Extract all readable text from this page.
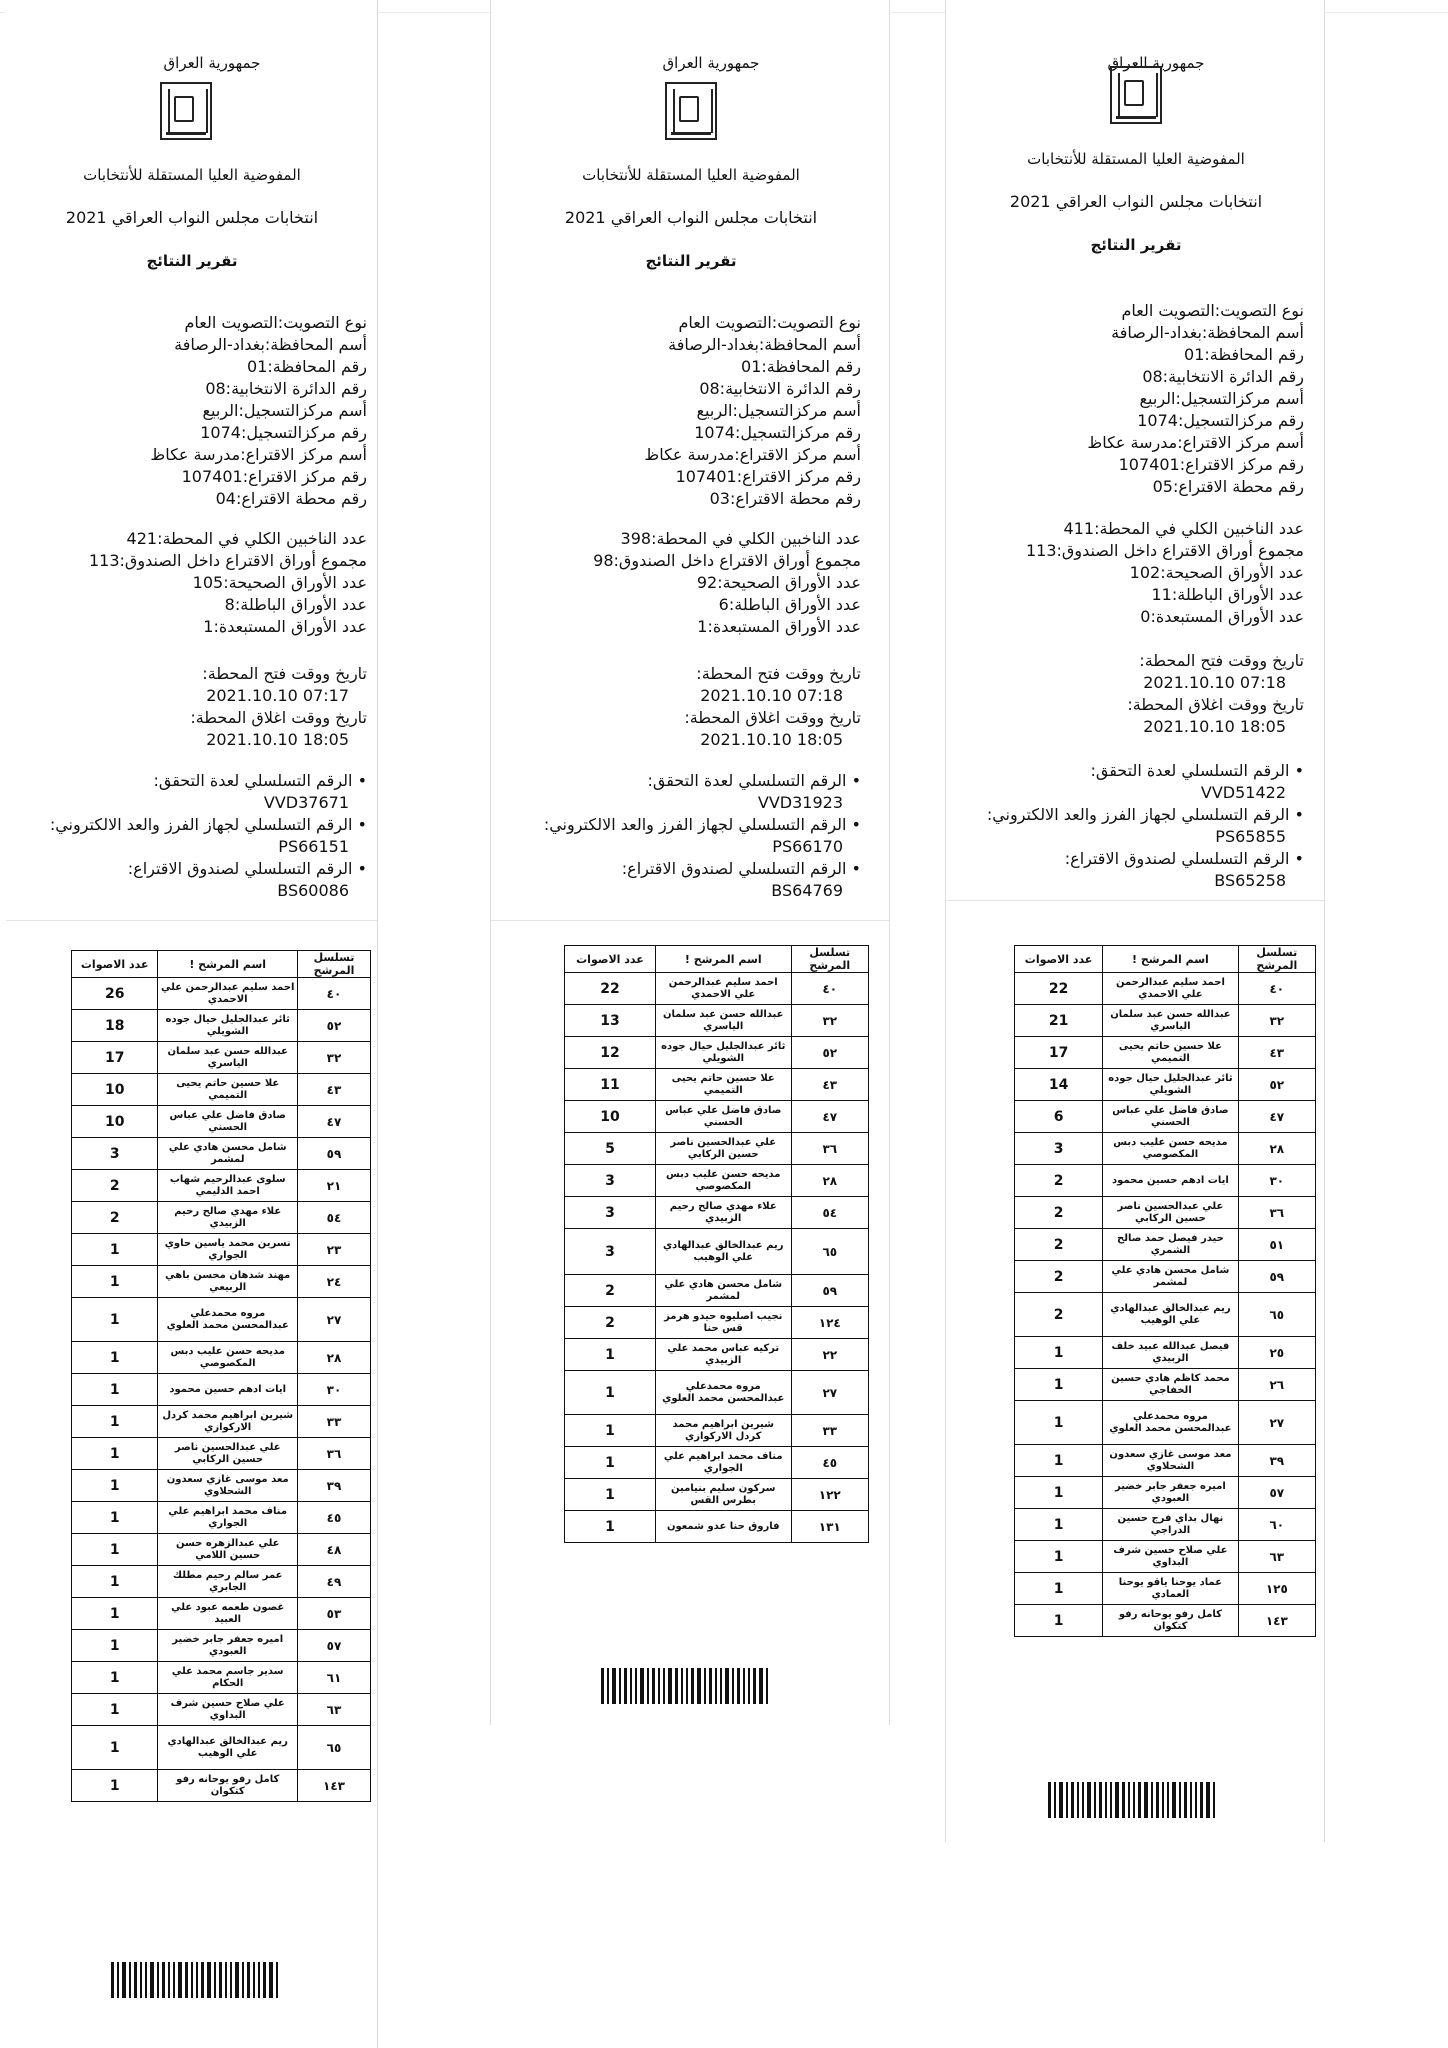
جمهورية العراق
المفوضية العليا المستقلة للأنتخابات
انتخابات مجلس النواب العراقي 2021
تقرير النتائج
نوع التصويت:التصويت العام
أسم المحافظة:بغداد-الرصافة
رقم المحافظة:01
رقم الدائرة الانتخابية:08
أسم مركزالتسجيل:الربيع
رقم مركزالتسجيل:1074
أسم مركز الاقتراع:مدرسة عكاظ
رقم مركز الاقتراع:107401
رقم محطة الاقتراع:04
عدد الناخبين الكلي في المحطة:421
مجموع أوراق الاقتراع داخل الصندوق:113
عدد الأوراق الصحيحة:105
عدد الأوراق الباطلة:8
عدد الأوراق المستبعدة:1
تاريخ ووقت فتح المحطة:
2021.10.10 07:17
تاريخ ووقت اغلاق المحطة:
2021.10.10 18:05
• الرقم التسلسلي لعدة التحقق:
VVD37671
• الرقم التسلسلي لجهاز الفرز والعد الالكتروني:
PS66151
• الرقم التسلسلي لصندوق الاقتراع:
BS60086
تسلسل المرشح	اسم المرشح !	عدد الاصوات
٤٠	احمد سليم عبدالرحمن علي الاحمدي	26
٥٢	ثائر عبدالجليل حيال جوده الشويلي	18
٣٢	عبدالله حسن عبد سلمان الياسري	17
٤٣	علا حسين حاتم يحيى التميمي	10
٤٧	صادق فاضل علي عباس الحسني	10
٥٩	شامل محسن هادي علي لمشمر	3
٢١	سلوى عبدالرحيم شهاب احمد الدليمي	2
٥٤	علاء مهدي صالح رحيم الزبيدي	2
٢٣	نسرين محمد ياسين حاوي الجواري	1
٢٤	مهند شدهان محسن باهي الربيعي	1
٢٧	مروه محمدعلي عبدالمحسن محمد العلوي	1
٢٨	مديحه حسن عليب دبس المكصوصي	1
٣٠	ايات ادهم حسين محمود	1
٣٣	شيرين ابراهيم محمد كردل الاركوازي	1
٣٦	علي عبدالحسين ناصر حسين الركابي	1
٣٩	معد موسى غازي سعدون الشحلاوي	1
٤٥	مناف محمد ابراهيم علي الجواري	1
٤٨	علي عبدالزهره حسن حسين اللامي	1
٤٩	عمر سالم رحيم مطلك الجابري	1
٥٣	غصون طعمه عبود علي العبيد	1
٥٧	اميره جعفر جابر خضير العبودي	1
٦١	سدير جاسم محمد علي الحكام	1
٦٣	علي صلاح حسين شرف البداوي	1
٦٥	ريم عبدالخالق عبدالهادي علي الوهيب	1
١٤٣	كامل رفو يوحانه رفو كتكوان	1
جمهورية العراق
المفوضية العليا المستقلة للأنتخابات
انتخابات مجلس النواب العراقي 2021
تقرير النتائج
نوع التصويت:التصويت العام
أسم المحافظة:بغداد-الرصافة
رقم المحافظة:01
رقم الدائرة الانتخابية:08
أسم مركزالتسجيل:الربيع
رقم مركزالتسجيل:1074
أسم مركز الاقتراع:مدرسة عكاظ
رقم مركز الاقتراع:107401
رقم محطة الاقتراع:03
عدد الناخبين الكلي في المحطة:398
مجموع أوراق الاقتراع داخل الصندوق:98
عدد الأوراق الصحيحة:92
عدد الأوراق الباطلة:6
عدد الأوراق المستبعدة:1
تاريخ ووقت فتح المحطة:
2021.10.10 07:18
تاريخ ووقت اغلاق المحطة:
2021.10.10 18:05
• الرقم التسلسلي لعدة التحقق:
VVD31923
• الرقم التسلسلي لجهاز الفرز والعد الالكتروني:
PS66170
• الرقم التسلسلي لصندوق الاقتراع:
BS64769
تسلسل المرشح	اسم المرشح !	عدد الاصوات
٤٠	احمد سليم عبدالرحمن علي الاحمدي	22
٣٢	عبدالله حسن عبد سلمان الياسري	13
٥٢	ثائر عبدالجليل حيال جوده الشويلي	12
٤٣	علا حسين حاتم يحيى التميمي	11
٤٧	صادق فاضل علي عباس الحسني	10
٣٦	علي عبدالحسين ناصر حسين الركابي	5
٢٨	مديحه حسن عليب دبس المكصوصي	3
٥٤	علاء مهدي صالح رحيم الزبيدي	3
٦٥	ريم عبدالخالق عبدالهادي علي الوهيب	3
٥٩	شامل محسن هادي علي لمشمر	2
١٢٤	نجيب اصليوه حيدو هرمز قس حنا	2
٢٢	تركيه عباس محمد علي الزبيدي	1
٢٧	مروه محمدعلي عبدالمحسن محمد العلوي	1
٣٣	شيرين ابراهيم محمد كردل الاركوازي	1
٤٥	مناف محمد ابراهيم علي الجواري	1
١٢٢	سركون سليم بنيامين بطرس القس	1
١٣١	فاروق حنا عدو شمعون	1
جمهورية العراق
المفوضية العليا المستقلة للأنتخابات
انتخابات مجلس النواب العراقي 2021
تقرير النتائج
نوع التصويت:التصويت العام
أسم المحافظة:بغداد-الرصافة
رقم المحافظة:01
رقم الدائرة الانتخابية:08
أسم مركزالتسجيل:الربيع
رقم مركزالتسجيل:1074
أسم مركز الاقتراع:مدرسة عكاظ
رقم مركز الاقتراع:107401
رقم محطة الاقتراع:05
عدد الناخبين الكلي في المحطة:411
مجموع أوراق الاقتراع داخل الصندوق:113
عدد الأوراق الصحيحة:102
عدد الأوراق الباطلة:11
عدد الأوراق المستبعدة:0
تاريخ ووقت فتح المحطة:
2021.10.10 07:18
تاريخ ووقت اغلاق المحطة:
2021.10.10 18:05
• الرقم التسلسلي لعدة التحقق:
VVD51422
• الرقم التسلسلي لجهاز الفرز والعد الالكتروني:
PS65855
• الرقم التسلسلي لصندوق الاقتراع:
BS65258
تسلسل المرشح	اسم المرشح !	عدد الاصوات
٤٠	احمد سليم عبدالرحمن علي الاحمدي	22
٣٢	عبدالله حسن عبد سلمان الياسري	21
٤٣	علا حسين حاتم يحيى التميمي	17
٥٢	ثائر عبدالجليل حيال جوده الشويلي	14
٤٧	صادق فاضل علي عباس الحسني	6
٢٨	مديحه حسن عليب دبس المكصوصي	3
٣٠	ايات ادهم حسين محمود	2
٣٦	علي عبدالحسين ناصر حسين الركابي	2
٥١	حيدر فيصل حمد صالح الشمري	2
٥٩	شامل محسن هادي علي لمشمر	2
٦٥	ريم عبدالخالق عبدالهادي علي الوهيب	2
٢٥	فيصل عبدالله عبيد خلف الزبيدي	1
٢٦	محمد كاظم هادي حسين الخفاجي	1
٢٧	مروه محمدعلي عبدالمحسن محمد العلوي	1
٣٩	معد موسى غازي سعدون الشحلاوي	1
٥٧	اميره جعفر جابر خضير العبودي	1
٦٠	نهال بداي فرج حسين الدراجي	1
٦٣	علي صلاح حسين شرف البداوي	1
١٢٥	عماد يوحنا ياقو يوحنا العمادي	1
١٤٣	كامل رفو يوحانه رفو كتكوان	1
